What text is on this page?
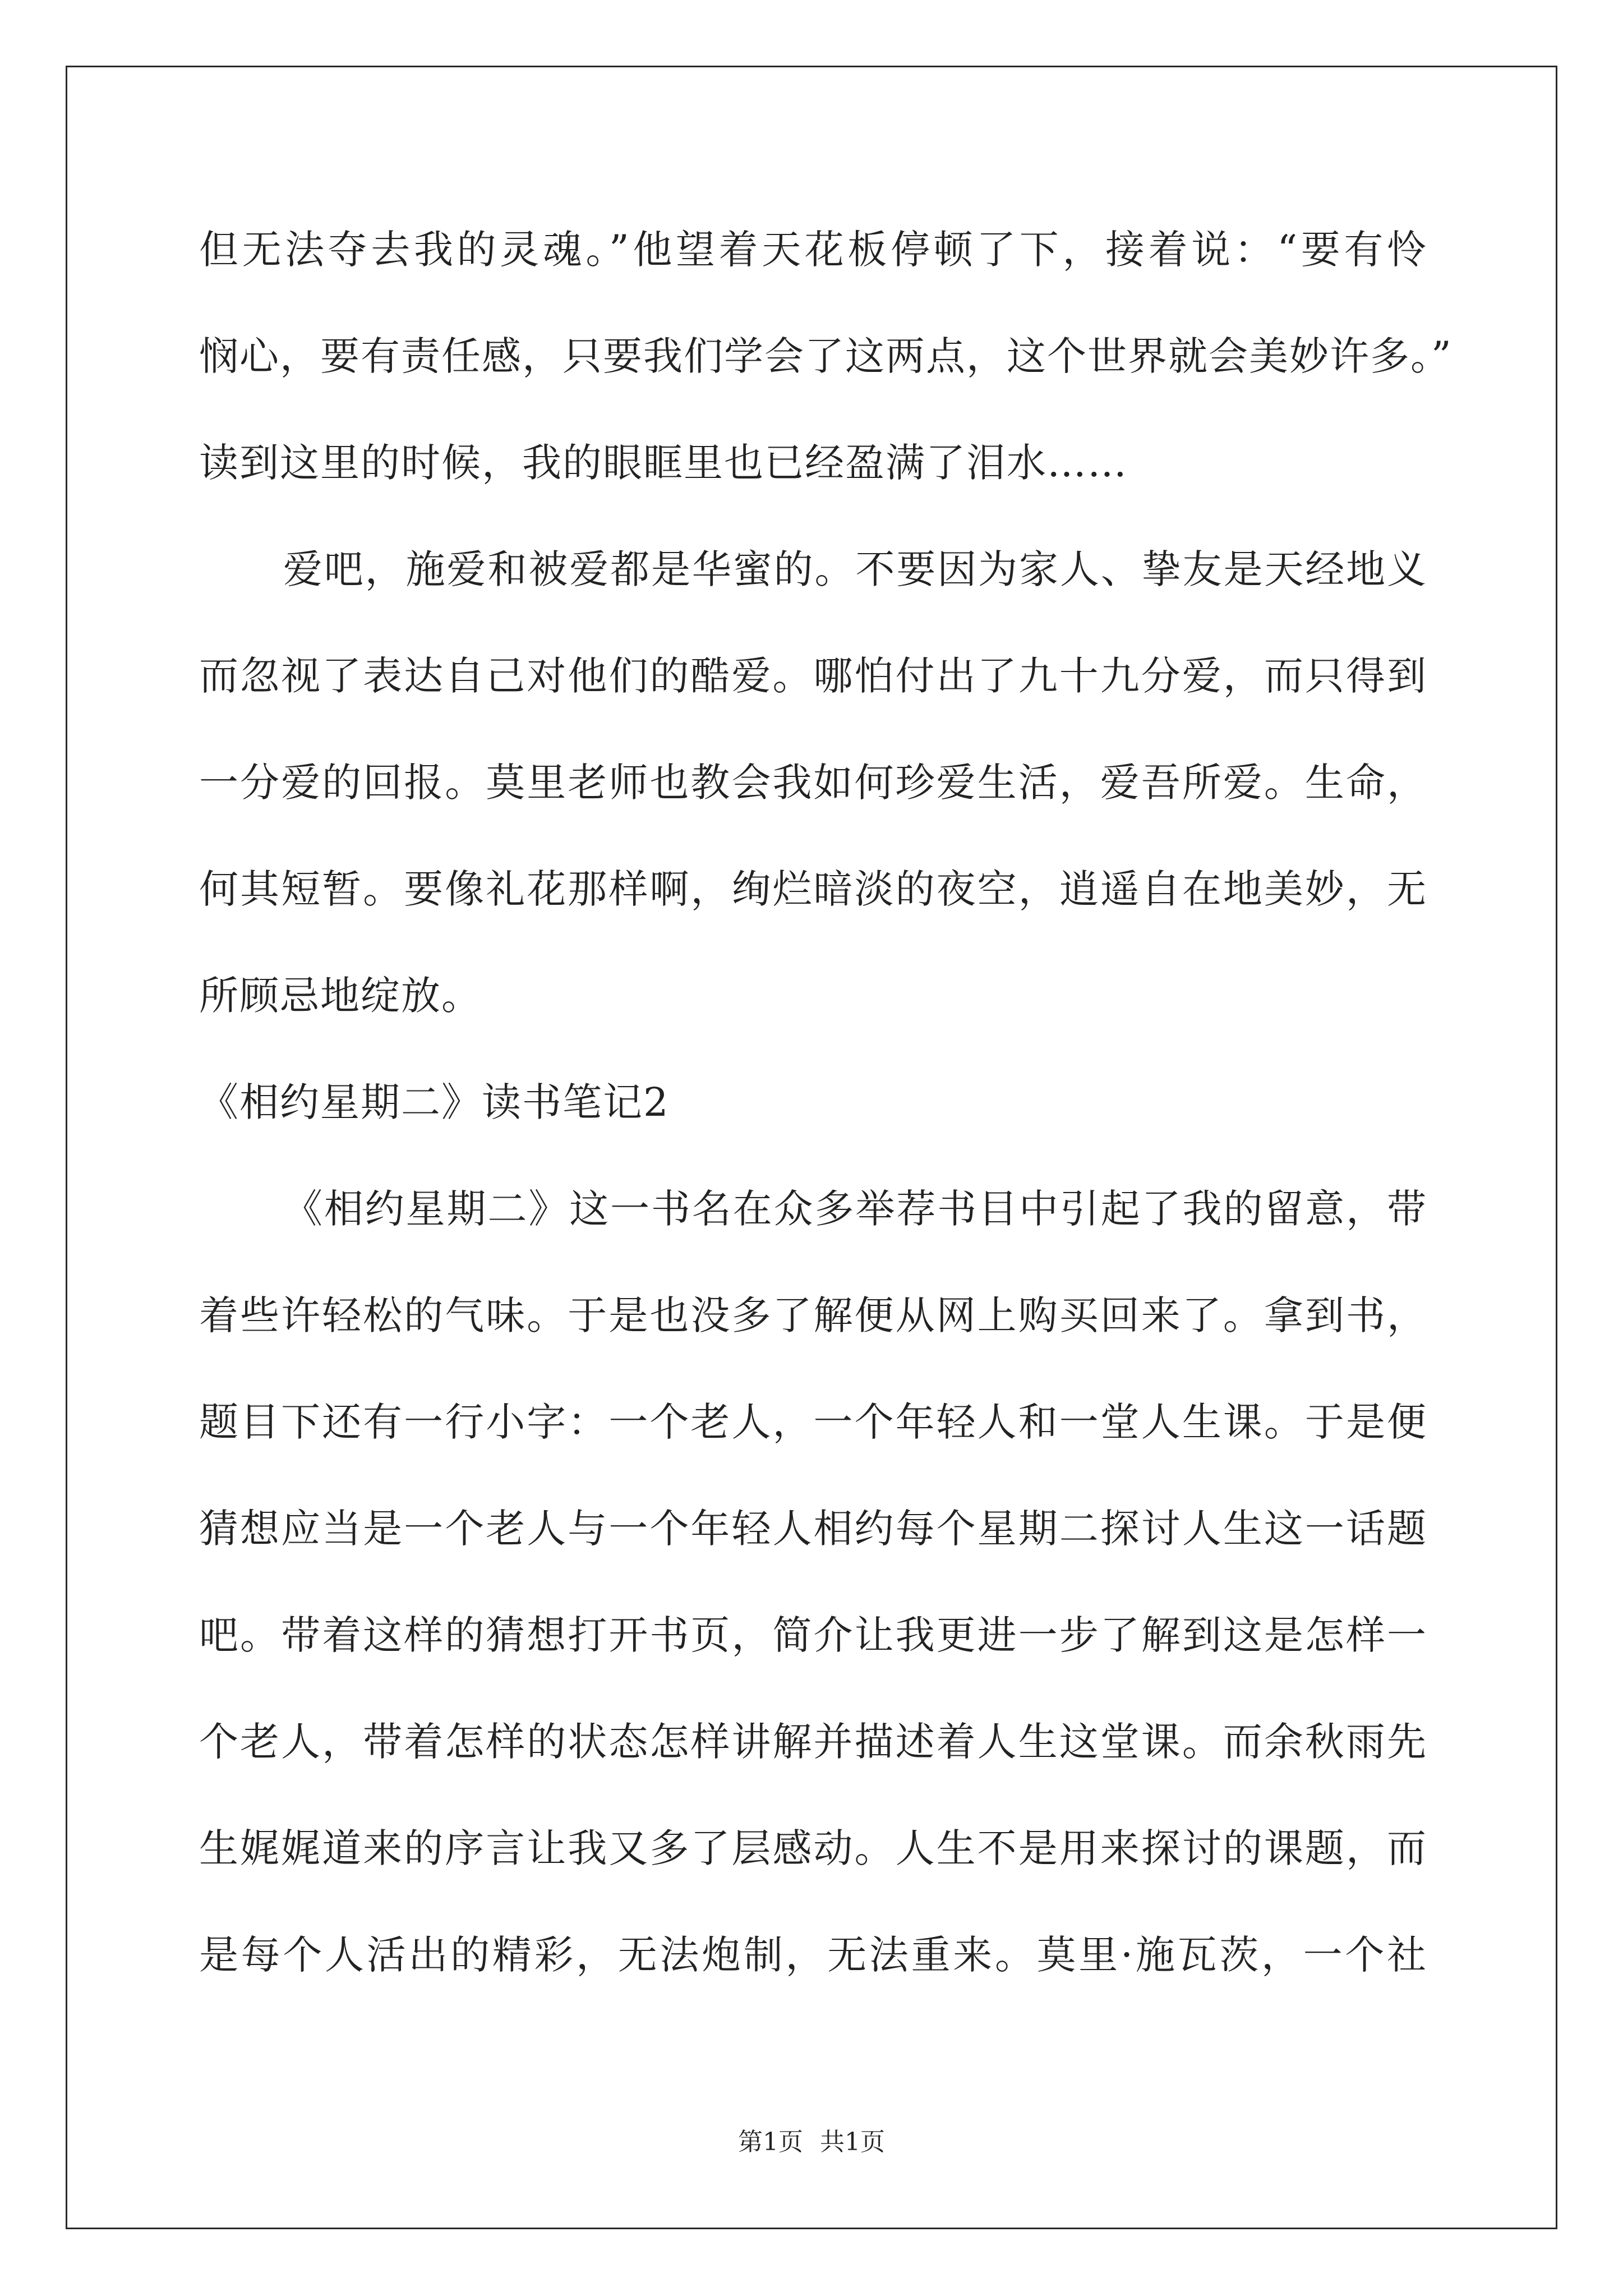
但无法夺去我的灵魂。”他望着天花板停顿了下，接着说：“要有怜
悯心，要有责任感，只要我们学会了这两点，这个世界就会美妙许多。”
读到这里的时候，我的眼眶里也已经盈满了泪水……
爱吧，施爱和被爱都是华蜜的。不要因为家人、挚友是天经地义
而忽视了表达自己对他们的酷爱。哪怕付出了九十九分爱，而只得到
一分爱的回报。莫里老师也教会我如何珍爱生活，爱吾所爱。生命，
何其短暂。要像礼花那样啊，绚烂暗淡的夜空，逍遥自在地美妙，无
所顾忌地绽放。
《相约星期二》读书笔记2
《相约星期二》这一书名在众多举荐书目中引起了我的留意，带
着些许轻松的气味。于是也没多了解便从网上购买回来了。拿到书，
题目下还有一行小字：一个老人，一个年轻人和一堂人生课。于是便
猜想应当是一个老人与一个年轻人相约每个星期二探讨人生这一话题
吧。带着这样的猜想打开书页，简介让我更进一步了解到这是怎样一
个老人，带着怎样的状态怎样讲解并描述着人生这堂课。而余秋雨先
生娓娓道来的序言让我又多了层感动。人生不是用来探讨的课题，而
是每个人活出的精彩，无法炮制，无法重来。莫里·施瓦茨，一个社
第1页 共1页
